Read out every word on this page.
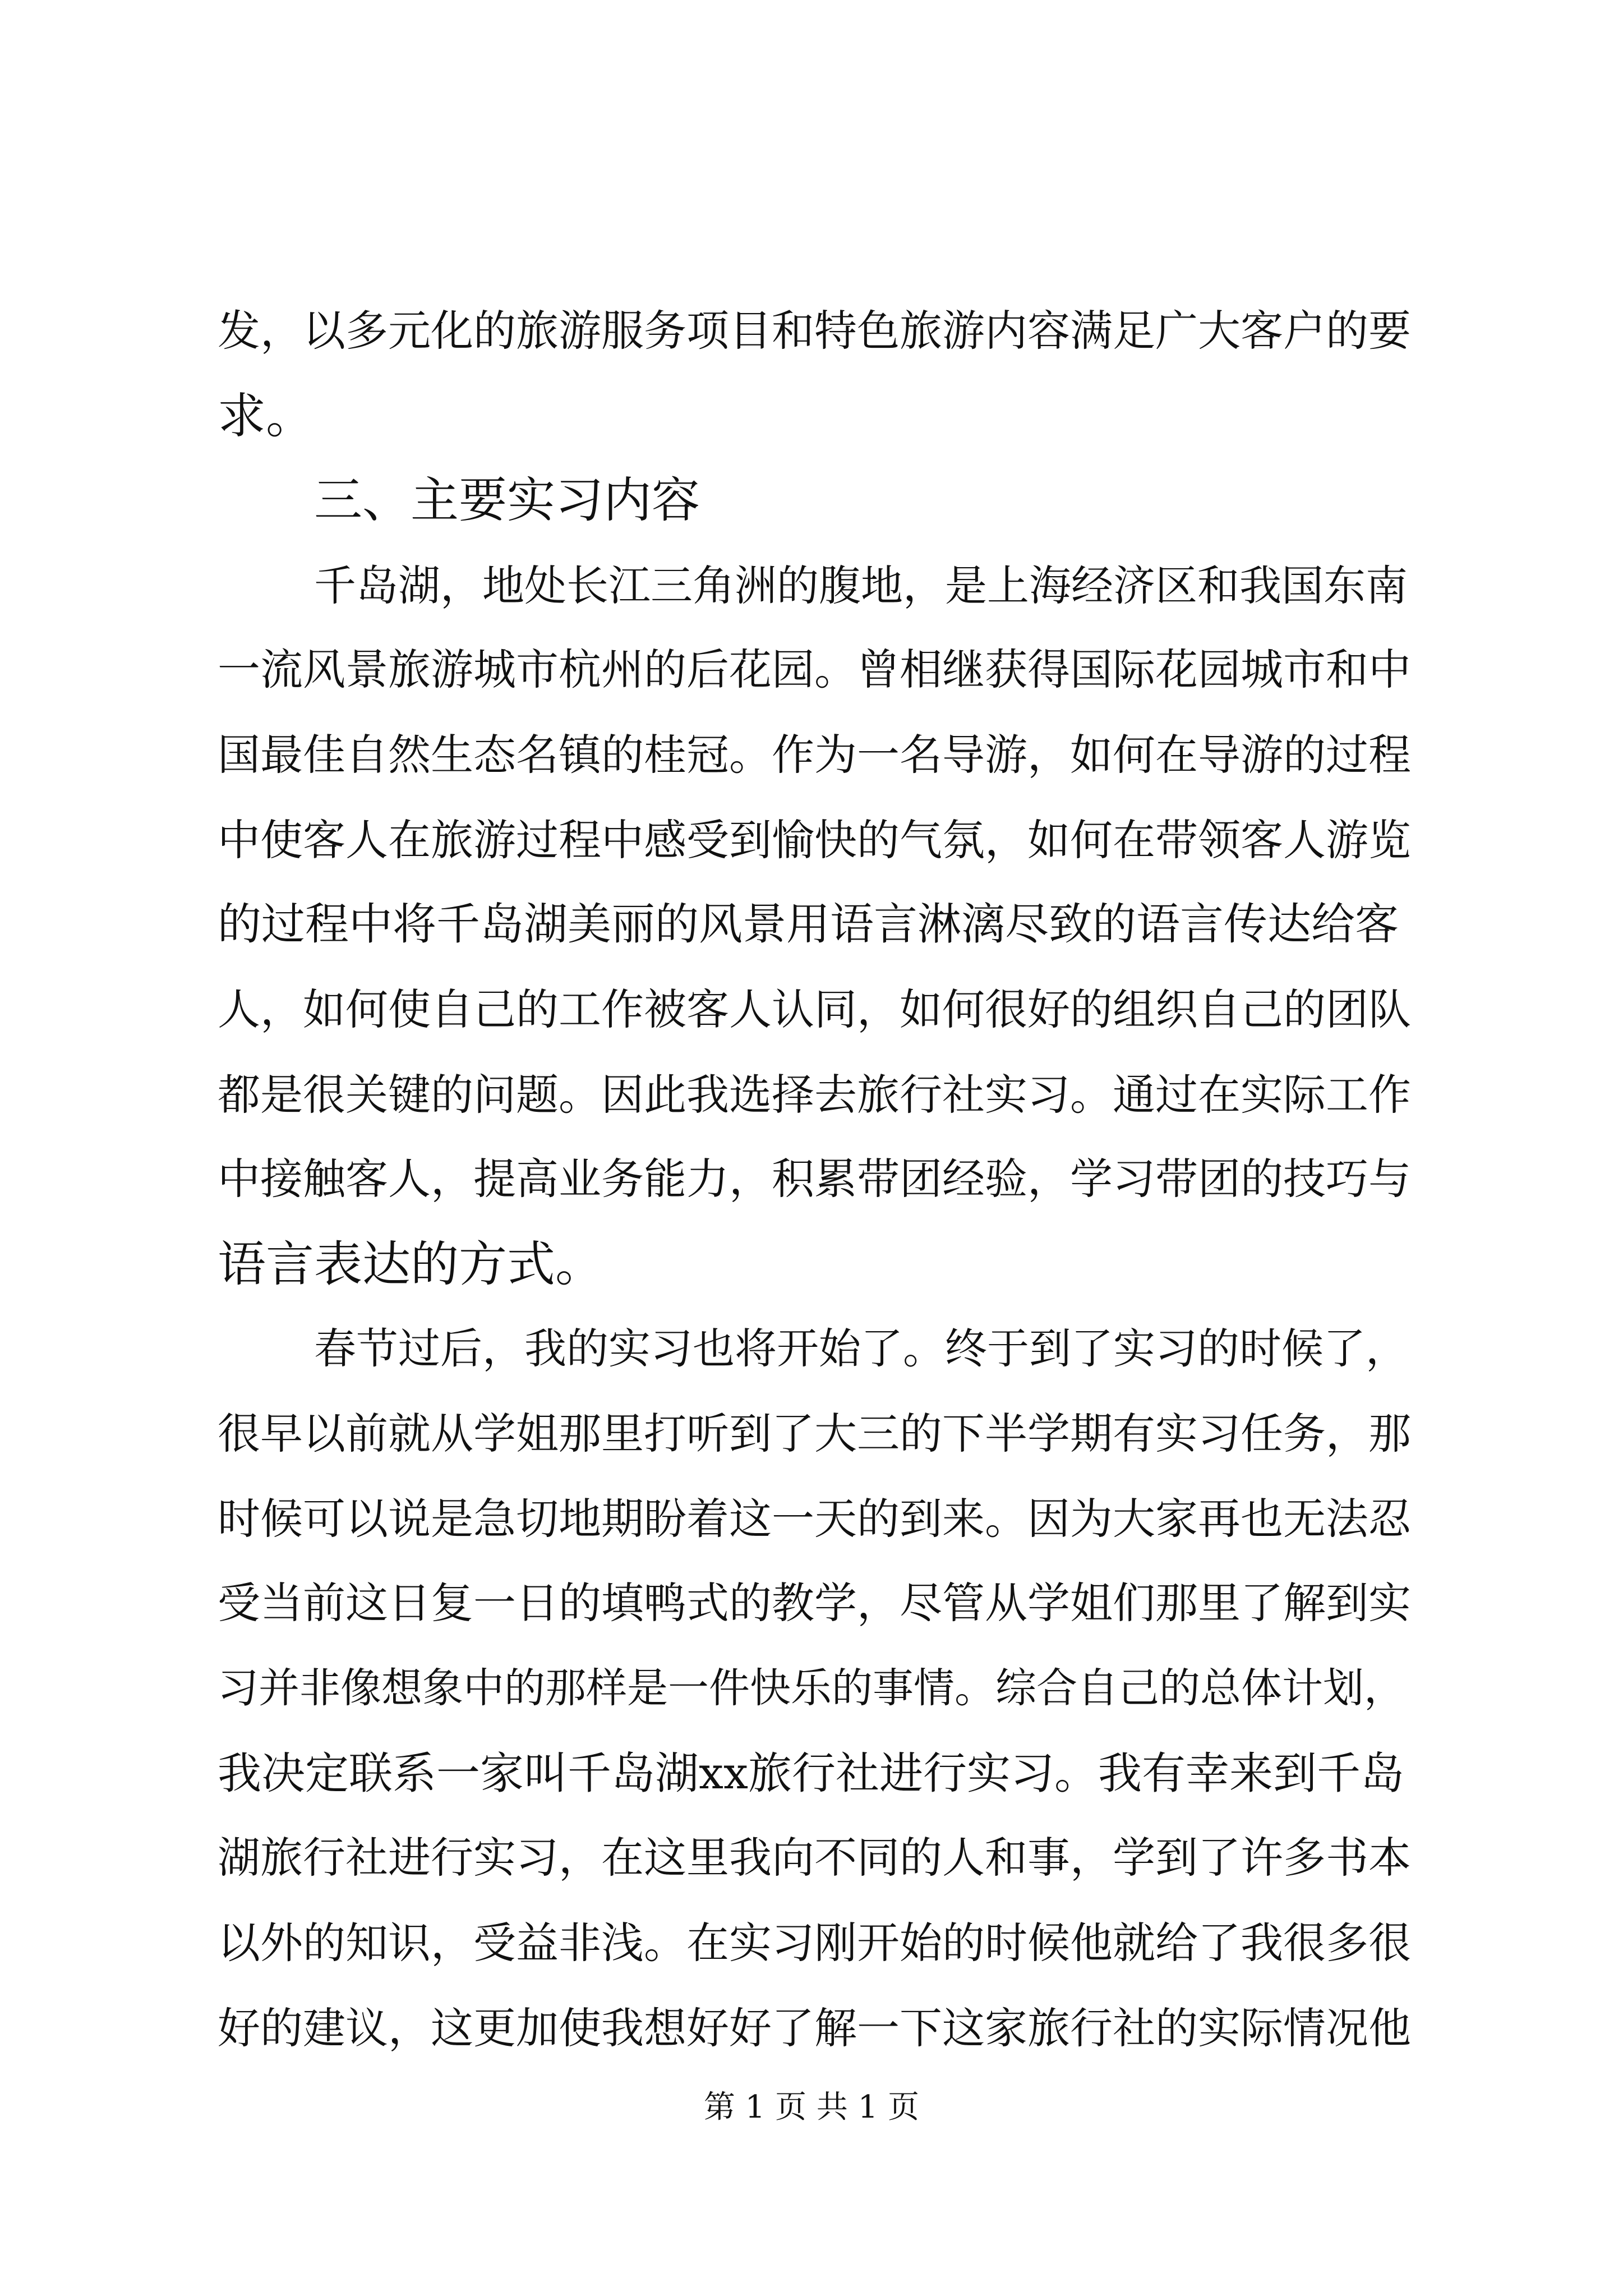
发，以多元化的旅游服务项目和特色旅游内容满足广大客户的要
求。
三、主要实习内容
千岛湖，地处长江三角洲的腹地，是上海经济区和我国东南
一流风景旅游城市杭州的后花园。曾相继获得国际花园城市和中
国最佳自然生态名镇的桂冠。作为一名导游，如何在导游的过程
中使客人在旅游过程中感受到愉快的气氛，如何在带领客人游览
的过程中将千岛湖美丽的风景用语言淋漓尽致的语言传达给客
人，如何使自己的工作被客人认同，如何很好的组织自己的团队
都是很关键的问题。因此我选择去旅行社实习。通过在实际工作
中接触客人，提高业务能力，积累带团经验，学习带团的技巧与
语言表达的方式。
春节过后，我的实习也将开始了。终于到了实习的时候了，
很早以前就从学姐那里打听到了大三的下半学期有实习任务，那
时候可以说是急切地期盼着这一天的到来。因为大家再也无法忍
受当前这日复一日的填鸭式的教学，尽管从学姐们那里了解到实
习并非像想象中的那样是一件快乐的事情。综合自己的总体计划，
我决定联系一家叫千岛湖xx旅行社进行实习。我有幸来到千岛
湖旅行社进行实习，在这里我向不同的人和事，学到了许多书本
以外的知识，受益非浅。在实习刚开始的时候他就给了我很多很
好的建议，这更加使我想好好了解一下这家旅行社的实际情况他
第 1 页 共 1 页
